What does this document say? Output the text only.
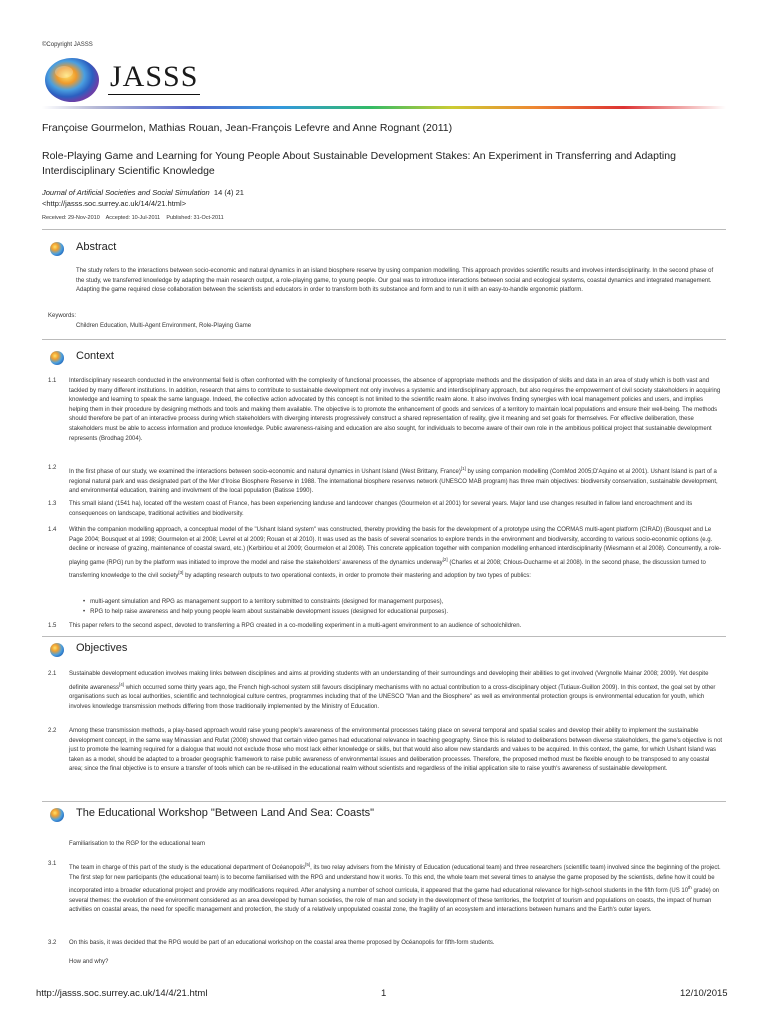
©Copyright JASSS
JASSS
Françoise Gourmelon, Mathias Rouan, Jean-François Lefevre and Anne Rognant (2011)
Role-Playing Game and Learning for Young People About Sustainable Development Stakes: An Experiment in Transferring and Adapting Interdisciplinary Scientific Knowledge
Journal of Artificial Societies and Social Simulation 14 (4) 21
<http://jasss.soc.surrey.ac.uk/14/4/21.html>
Received: 29-Nov-2010    Accepted: 10-Jul-2011    Published: 31-Oct-2011
Abstract
The study refers to the interactions between socio-economic and natural dynamics in an island biosphere reserve by using companion modelling. This approach provides scientific results and involves interdisciplinarity. In the second phase of the study, we transferred knowledge by adapting the main research output, a role-playing game, to young people. Our goal was to introduce interactions between social and ecological systems, coastal dynamics and integrated management. Adapting the game required close collaboration between the scientists and educators in order to transform both its substance and form and to run it with an easy-to-handle ergonomic platform.
Keywords:
Children Education, Multi-Agent Environment, Role-Playing Game
Context
1.1 Interdisciplinary research conducted in the environmental field is often confronted with the complexity of functional processes, the absence of appropriate methods and the dissipation of skills and data in an area of study which is both vast and tackled by many different institutions. In addition, research that aims to contribute to sustainable development not only involves a systemic and interdisciplinary approach, but also requires the empowerment of civil society stakeholders in acquiring knowledge and learning to speak the same language. Indeed, the collective action advocated by this concept is not limited to the scientific realm alone. It also involves finding synergies with local management policies and users, and implies helping them in their procedure by designing methods and tools and making them available. The objective is to promote the enhancement of goods and services of a territory to maintain local populations and ensure their well-being. The methods should therefore be part of an interactive process during which stakeholders with diverging interests progressively construct a shared representation of reality, give it meaning and set goals for themselves. For effective deliberation, these stakeholders must be able to access information and produce knowledge. Public awareness-raising and education are also sought, for individuals to become aware of their own role in the ambitious political project that sustainable development represents (Brodhag 2004).
1.2
In the first phase of our study, we examined the interactions between socio-economic and natural dynamics in Ushant Island (West Brittany, France)[1] by using companion modelling (ComMod 2005;D'Aquino et al 2001). Ushant Island is part of a regional natural park and was designated part of the Mer d'Iroise Biosphere Reserve in 1988. The international biosphere reserves network (UNESCO MAB program) has three main objectives: biodiversity conservation, sustainable development, and environmental education, training and involvment of the local population (Batisse 1990).
1.3 This small island (1541 ha), located off the western coast of France, has been experiencing landuse and landcover changes (Gourmelon et al 2001) for several years. Major land use changes resulted in fallow land encroachment and its consequences on landscape, traditional activities and biodiversity.
1.4 Within the companion modelling approach, a conceptual model of the "Ushant Island system" was constructed, thereby providing the basis for the development of a prototype using the CORMAS multi-agent platform (CIRAD) (Bousquet and Le Page 2004; Bousquet et al 1998; Gourmelon et al 2008; Levrel et al 2009; Rouan et al 2010). It was used as the basis of several scenarios to explore trends in the environment and biodiversity, according to various socio-economic options (e.g. decline or increase of grazing, maintenance of coastal sward, etc.) (Kerbiriou et al 2009; Gourmelon et al 2008). This concrete application together with companion modelling enhanced interdisciplinarity (Wiesmann et al 2008). Concurrently, a role-playing game (RPG) run by the platform was initiated to improve the model and raise the stakeholders' awareness of the dynamics underway[2] (Charles et al 2008; Chlous-Ducharme et al 2008). In the second phase, the discussion turned to transferring knowledge to the civil society[3] by adapting research outputs to two operational contexts, in order to promote their mastering and adoption by two types of publics:
• multi-agent simulation and RPG as management support to a territory submitted to constraints (designed for management purposes),
• RPG to help raise awareness and help young people learn about sustainable development issues (designed for educational purposes).
1.5 This paper refers to the second aspect, devoted to transferring a RPG created in a co-modelling experiment in a multi-agent environment to an audience of schoolchildren.
Objectives
2.1 Sustainable development education involves making links between disciplines and aims at providing students with an understanding of their surroundings and developing their abilities to get involved (Vergnolle Mainar 2008; 2009). Yet despite definite awareness[4] which occurred some thirty years ago, the French high-school system still favours disciplinary mechanisms with no actual contribution to a cross-disciplinary object (Tutiaux-Guillon 2009). In this context, the goal set by other organisations such as local authorities, scientific and technological culture centres, programmes including that of the UNESCO "Man and the Biosphere" as well as environmental protection groups is environmental education for youth, which involves knowledge transmission methods differing from those traditionally implemented by the Ministry of Education.
2.2 Among these transmission methods, a play-based approach would raise young people's awareness of the environmental processes taking place on several temporal and spatial scales and develop their ability to implement the sustainable development concept, in the same way Minassian and Rufat (2008) showed that certain video games had educational relevance in teaching geography. Since this is related to deliberations between diverse stakeholders, the game's objective is not just to promote the learning required for a dialogue that would not exclude those who most lack either knowledge or skills, but that would also allow new standards and values to be acquired. In this context, the game, for which Ushant Island was taken as a model, should be adapted to a broader geographic framework to raise public awareness of environmental issues and deliberation processes. Therefore, the proposed method must be flexible enough to be transposed to any coastal area; since the final objective is to ensure a transfer of tools which can be re-utilised in the educational realm without scientists and regardless of the initial application site to raise youth's awareness of sustainable development.
The Educational Workshop "Between Land And Sea: Coasts"
Familiarisation to the RGP for the educational team
3.1
The team in charge of this part of the study is the educational department of Océanopolis[5], its two relay advisers from the Ministry of Education (educational team) and three researchers (scientific team) involved since the beginning of the project. The first step for new participants (the educational team) is to become familiarised with the RPG and understand how it works. To this end, the whole team met several times to analyse the game proposed by the scientists, define how it could be incorporated into a broader educational project and provide any modifications required. After analysing a number of school curricula, it appeared that the game had educational relevance for high-school students in the fifth form (US 10th grade) on several themes: the evolution of the environment considered as an area developed by human societies, the role of man and society in the development of these territories, the footprint of tourism and populations on coasts, the impact of human activities on coastal areas, the need for specific management and protection, the study of a relatively unpopulated coastal zone, the fragility of an ecosystem and interactions between humans and the Earth's outer layers.
3.2 On this basis, it was decided that the RPG would be part of an educational workshop on the coastal area theme proposed by Océanopolis for fifth-form students.
How and why?
http://jasss.soc.surrey.ac.uk/14/4/21.html	1	12/10/2015
